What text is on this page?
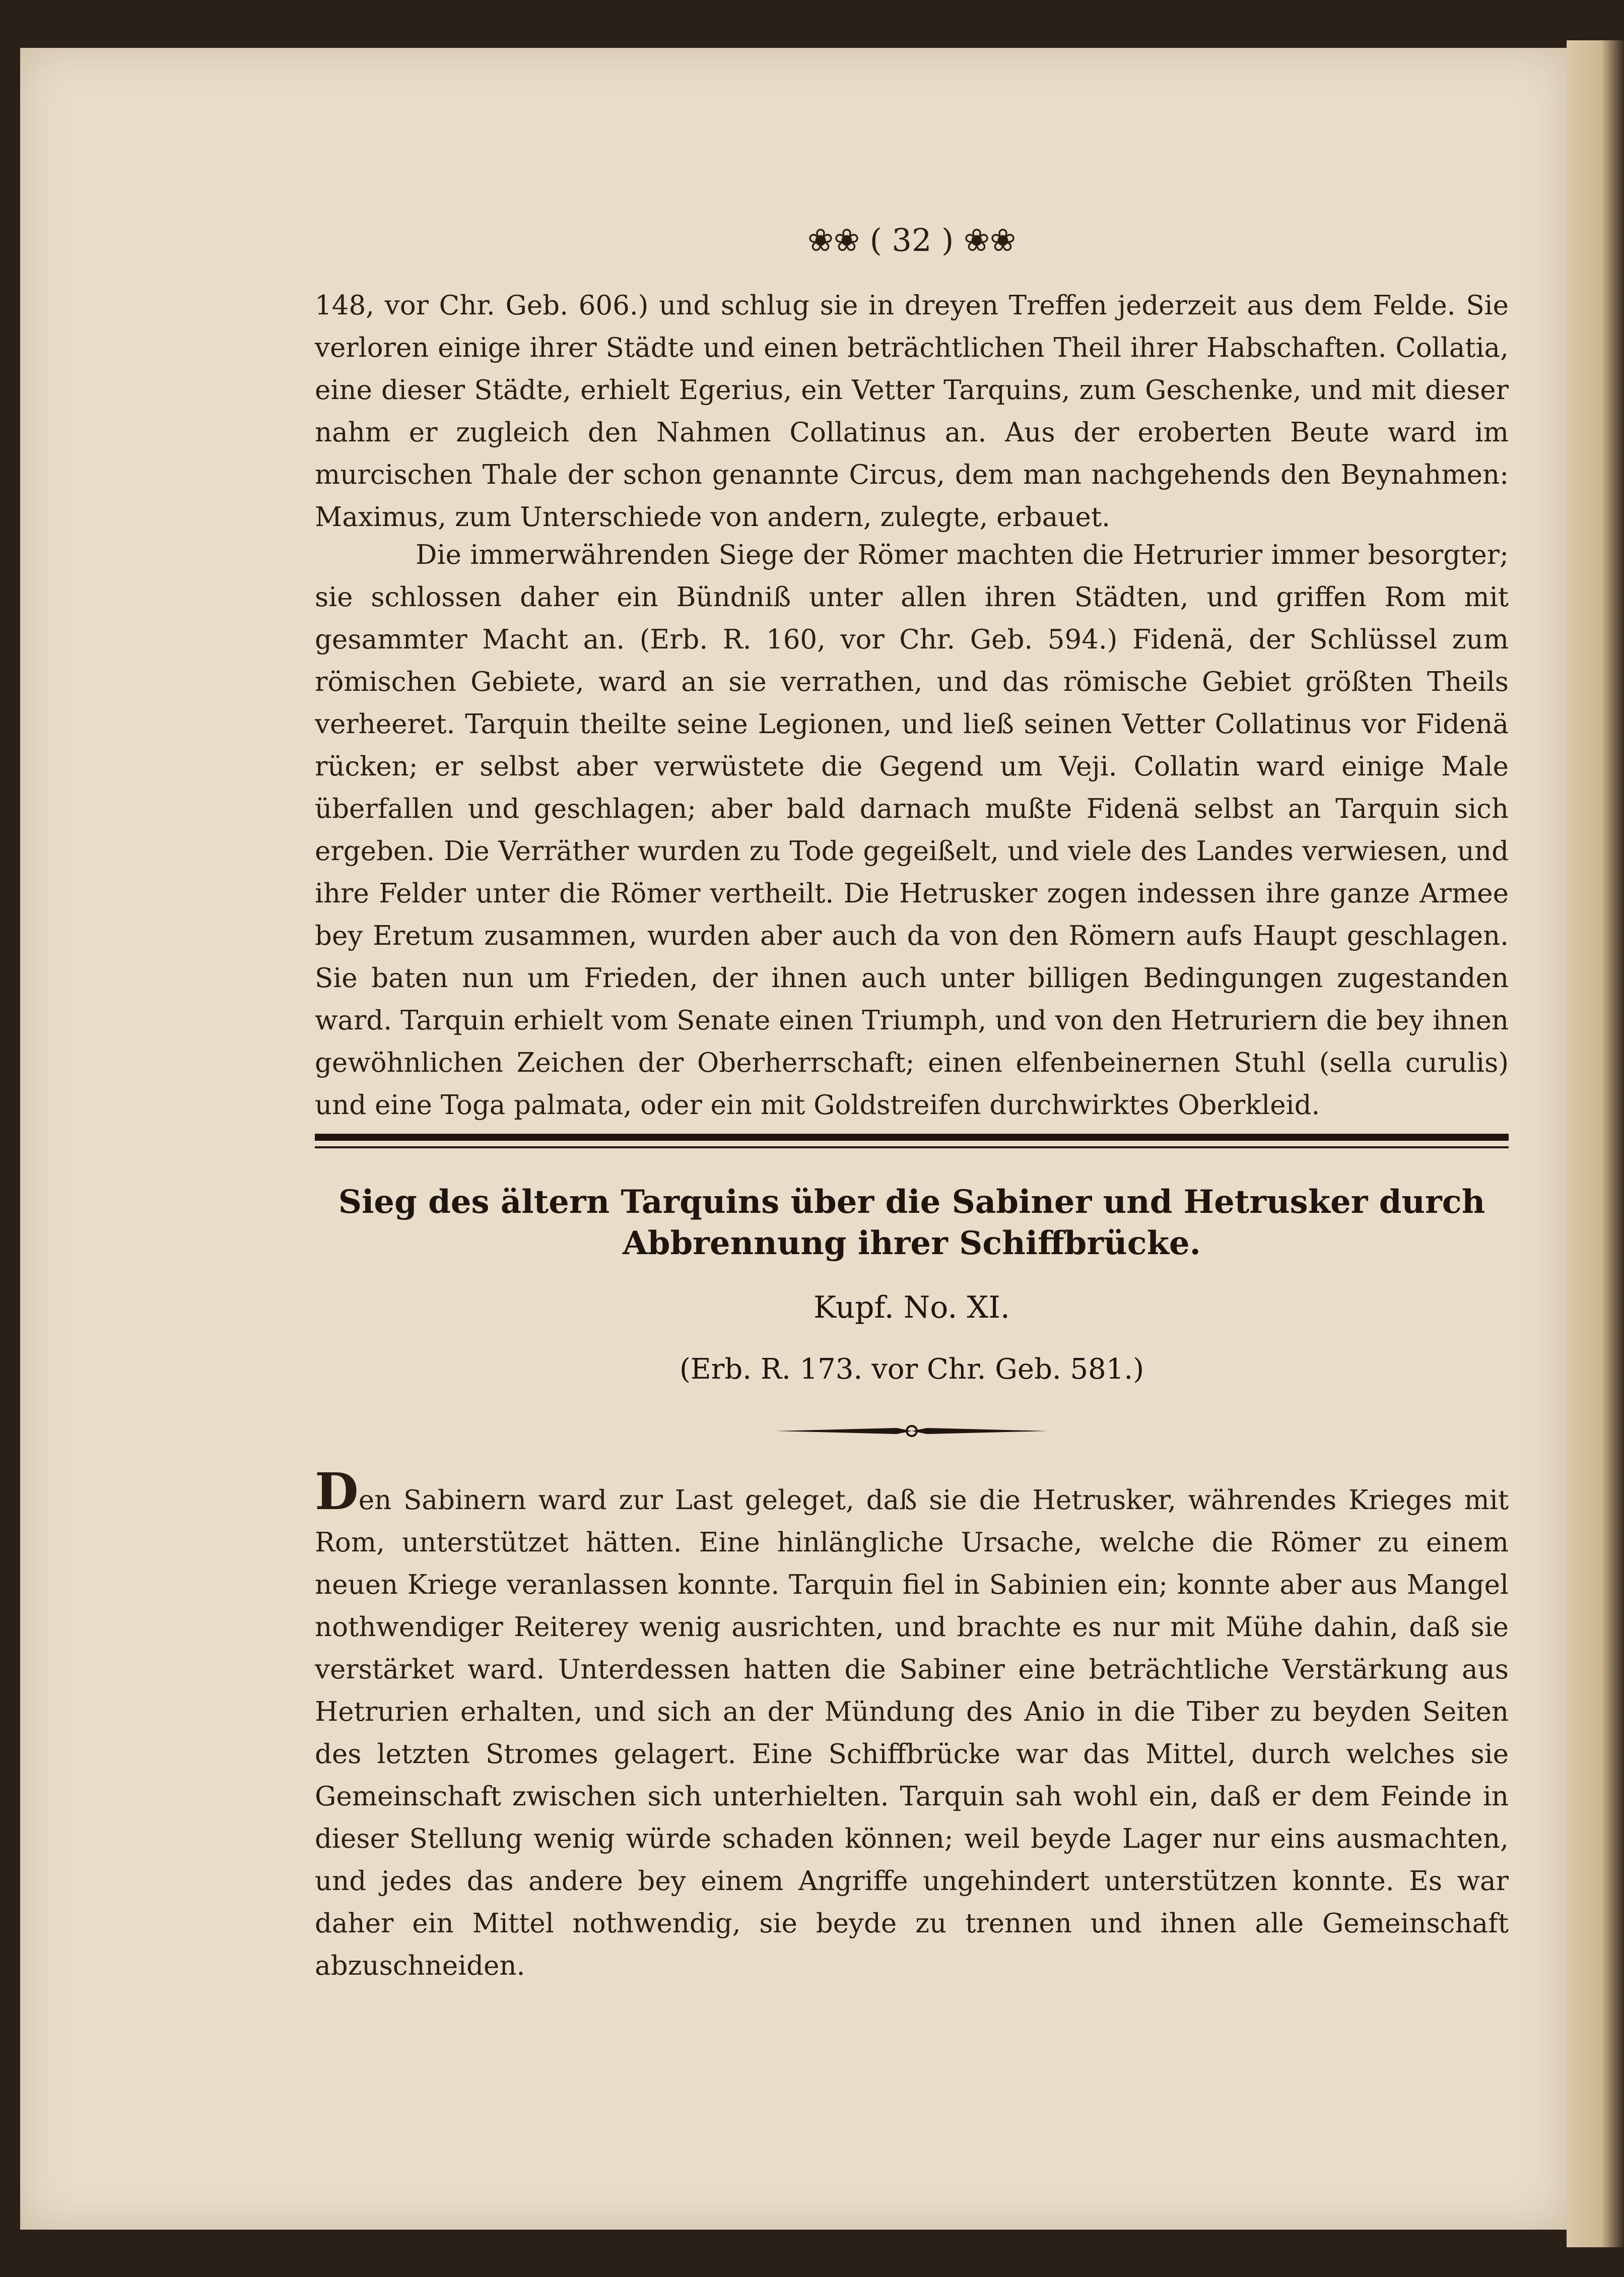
❀❀ ( 32 ) ❀❀

148, vor Chr. Geb. 606.) und schlug sie in dreyen Treffen jederzeit aus dem Felde. Sie verloren einige ihrer Städte und einen beträchtlichen Theil ihrer Habschaften. Collatia, eine dieser Städte, erhielt Egerius, ein Vetter Tarquins, zum Geschenke, und mit dieser nahm er zugleich den Nahmen Collatinus an. Aus der eroberten Beute ward im murcischen Thale der schon genannte Circus, dem man nachgehends den Beynahmen: Maximus, zum Unterschiede von andern, zulegte, erbauet.

Die immerwährenden Siege der Römer machten die Hetrurier immer besorgter; sie schlossen daher ein Bündniß unter allen ihren Städten, und griffen Rom mit gesammter Macht an. (Erb. R. 160, vor Chr. Geb. 594.) Fidenä, der Schlüssel zum römischen Gebiete, ward an sie verrathen, und das römische Gebiet größten Theils verheeret. Tarquin theilte seine Legionen, und ließ seinen Vetter Collatinus vor Fidenä rücken; er selbst aber verwüstete die Gegend um Veji. Collatin ward einige Male überfallen und geschlagen; aber bald darnach mußte Fidenä selbst an Tarquin sich ergeben. Die Verräther wurden zu Tode gegeißelt, und viele des Landes verwiesen, und ihre Felder unter die Römer vertheilt. Die Hetrusker zogen indessen ihre ganze Armee bey Eretum zusammen, wurden aber auch da von den Römern aufs Haupt geschlagen. Sie baten nun um Frieden, der ihnen auch unter billigen Bedingungen zugestanden ward. Tarquin erhielt vom Senate einen Triumph, und von den Hetruriern die bey ihnen gewöhnlichen Zeichen der Oberherrschaft; einen elfenbeinernen Stuhl (sella curulis) und eine Toga palmata, oder ein mit Goldstreifen durchwirktes Oberkleid.

Sieg des ältern Tarquins über die Sabiner und Hetrusker durch Abbrennung ihrer Schiffbrücke.
Kupf. No. XI.
(Erb. R. 173. vor Chr. Geb. 581.)

Den Sabinern ward zur Last geleget, daß sie die Hetrusker, währendes Krieges mit Rom, unterstützet hätten. Eine hinlängliche Ursache, welche die Römer zu einem neuen Kriege veranlassen konnte. Tarquin fiel in Sabinien ein; konnte aber aus Mangel nothwendiger Reiterey wenig ausrichten, und brachte es nur mit Mühe dahin, daß sie verstärket ward. Unterdessen hatten die Sabiner eine beträchtliche Verstärkung aus Hetrurien erhalten, und sich an der Mündung des Anio in die Tiber zu beyden Seiten des letzten Stromes gelagert. Eine Schiffbrücke war das Mittel, durch welches sie Gemeinschaft zwischen sich unterhielten. Tarquin sah wohl ein, daß er dem Feinde in dieser Stellung wenig würde schaden können; weil beyde Lager nur eins ausmachten, und jedes das andere bey einem Angriffe ungehindert unterstützen konnte. Es war daher ein Mittel nothwendig, sie beyde zu trennen und ihnen alle Gemeinschaft abzuschneiden.
